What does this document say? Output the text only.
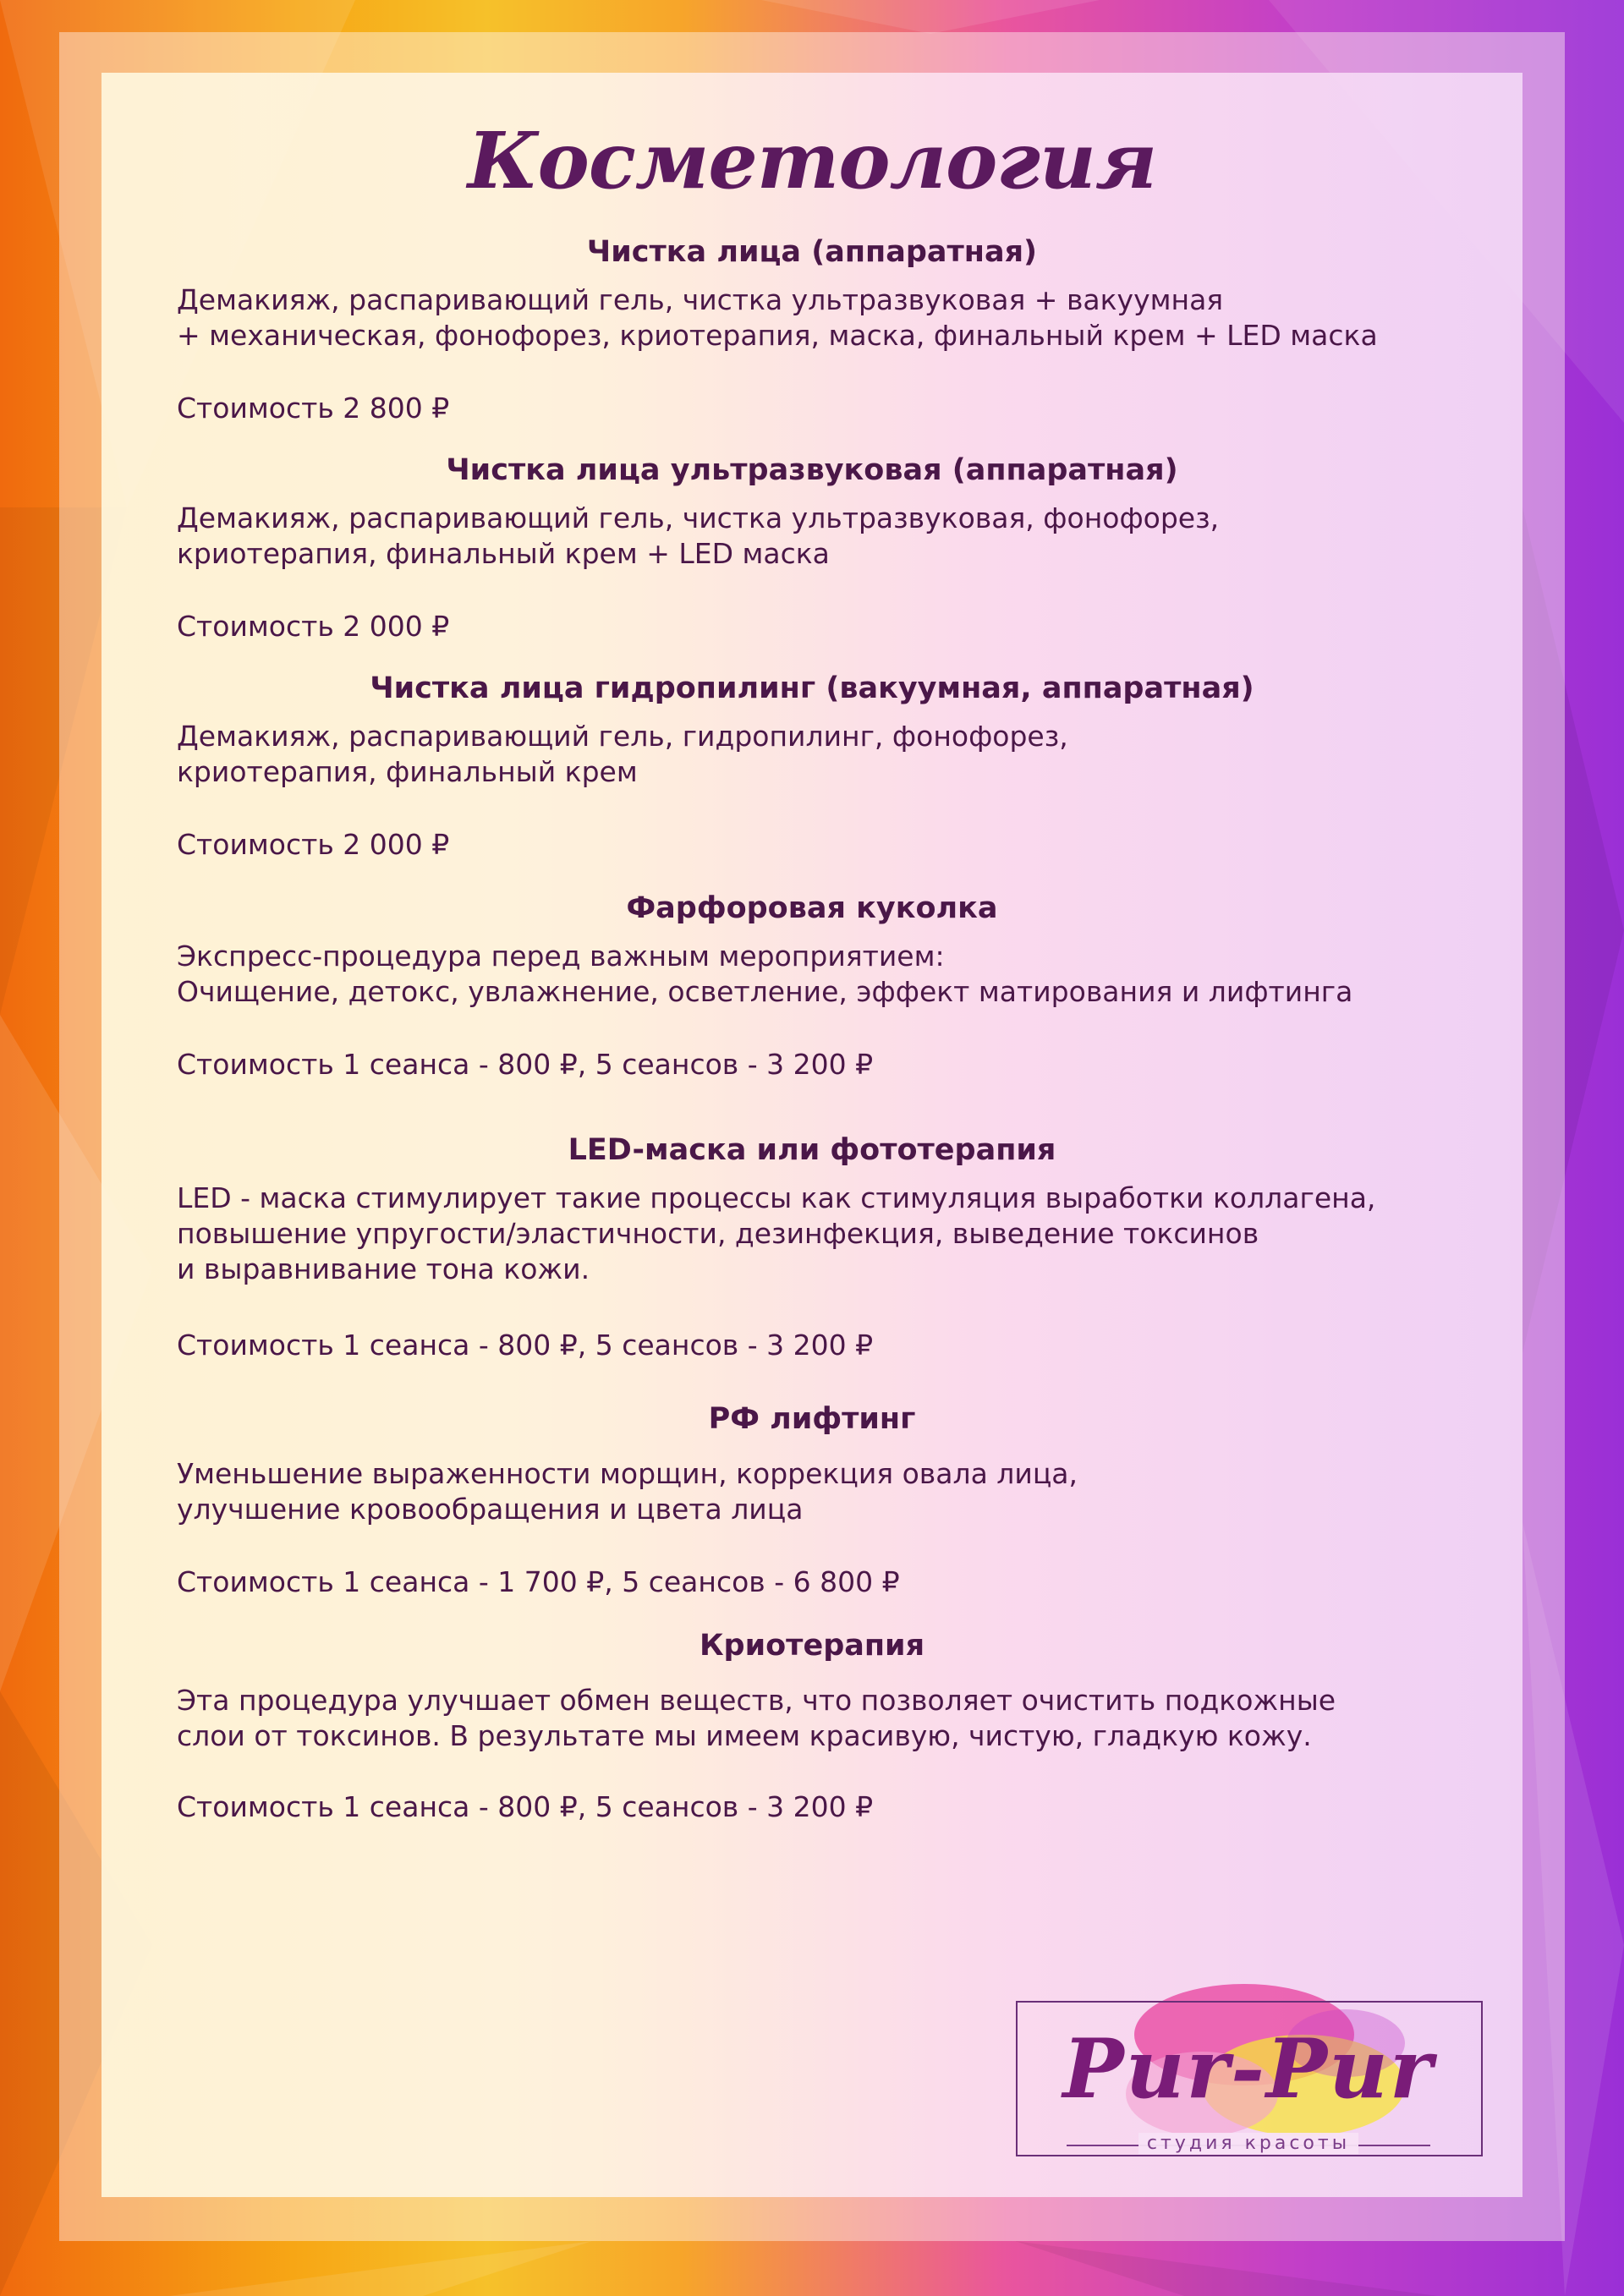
Косметология
Чистка лица (аппаратная)
Демакияж, распаривающий гель, чистка ультразвуковая + вакуумная
+ механическая, фонофорез, криотерапия, маска, финальный крем + LED маска
Стоимость 2 800 ₽
Чистка лица ультразвуковая (аппаратная)
Демакияж, распаривающий гель, чистка ультразвуковая, фонофорез,
криотерапия, финальный крем + LED маска
Стоимость 2 000 ₽
Чистка лица гидропилинг (вакуумная, аппаратная)
Демакияж, распаривающий гель, гидропилинг, фонофорез,
криотерапия, финальный крем
Стоимость 2 000 ₽
Фарфоровая куколка
Экспресс-процедура перед важным мероприятием:
Очищение, детокс, увлажнение, осветление, эффект матирования и лифтинга
Стоимость 1 сеанса - 800 ₽, 5 сеансов - 3 200 ₽
LED-маска или фототерапия
LED - маска стимулирует такие процессы как стимуляция выработки коллагена,
повышение упругости/эластичности, дезинфекция, выведение токсинов
и выравнивание тона кожи.
Стоимость 1 сеанса - 800 ₽, 5 сеансов - 3 200 ₽
РФ лифтинг
Уменьшение выраженности морщин, коррекция овала лица,
улучшение кровообращения и цвета лица
Стоимость 1 сеанса - 1 700 ₽, 5 сеансов - 6 800 ₽
Криотерапия
Эта процедура улучшает обмен веществ, что позволяет очистить подкожные
слои от токсинов. В результате мы имеем красивую, чистую, гладкую кожу.
Стоимость 1 сеанса - 800 ₽, 5 сеансов - 3 200 ₽
Pur-Pur
студия красоты
